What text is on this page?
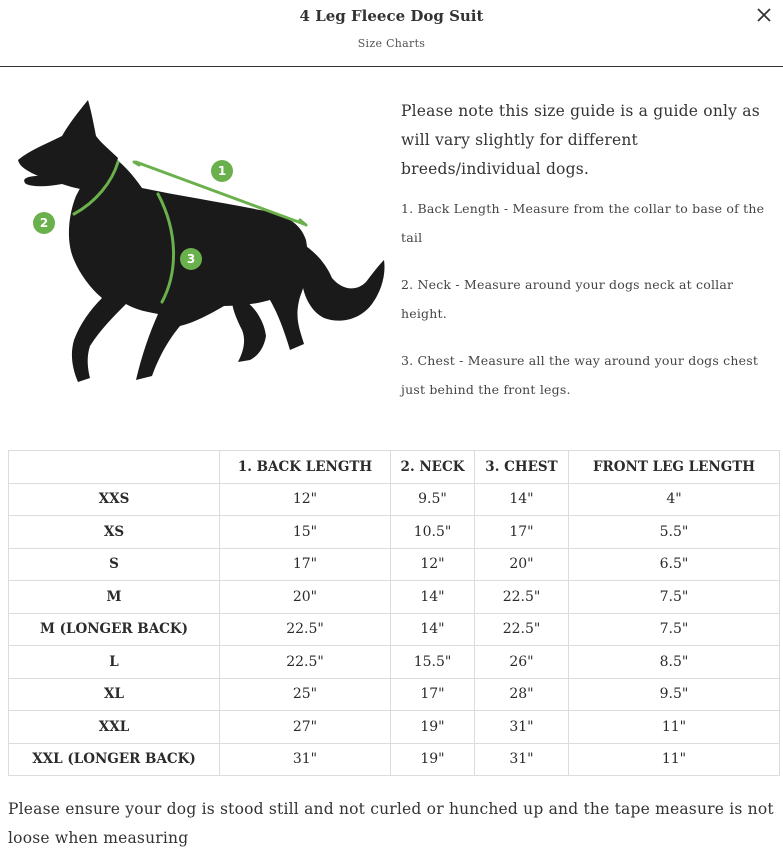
4 Leg Fleece Dog Suit
Size Charts
1
2
3

Please note this size guide is a guide only as will vary slightly for different breeds/individual dogs.

1. Back Length - Measure from the collar to base of the tail

2. Neck - Measure around your dogs neck at collar height.

3. Chest - Measure all the way around your dogs chest just behind the front legs.

	1. BACK LENGTH	2. NECK	3. CHEST	FRONT LEG LENGTH
XXS	12"	9.5"	14"	4"
XS	15"	10.5"	17"	5.5"
S	17"	12"	20"	6.5"
M	20"	14"	22.5"	7.5"
M (LONGER BACK)	22.5"	14"	22.5"	7.5"
L	22.5"	15.5"	26"	8.5"
XL	25"	17"	28"	9.5"
XXL	27"	19"	31"	11"
XXL (LONGER BACK)	31"	19"	31"	11"
Please ensure your dog is stood still and not curled or hunched up and the tape measure is not loose when measuring
